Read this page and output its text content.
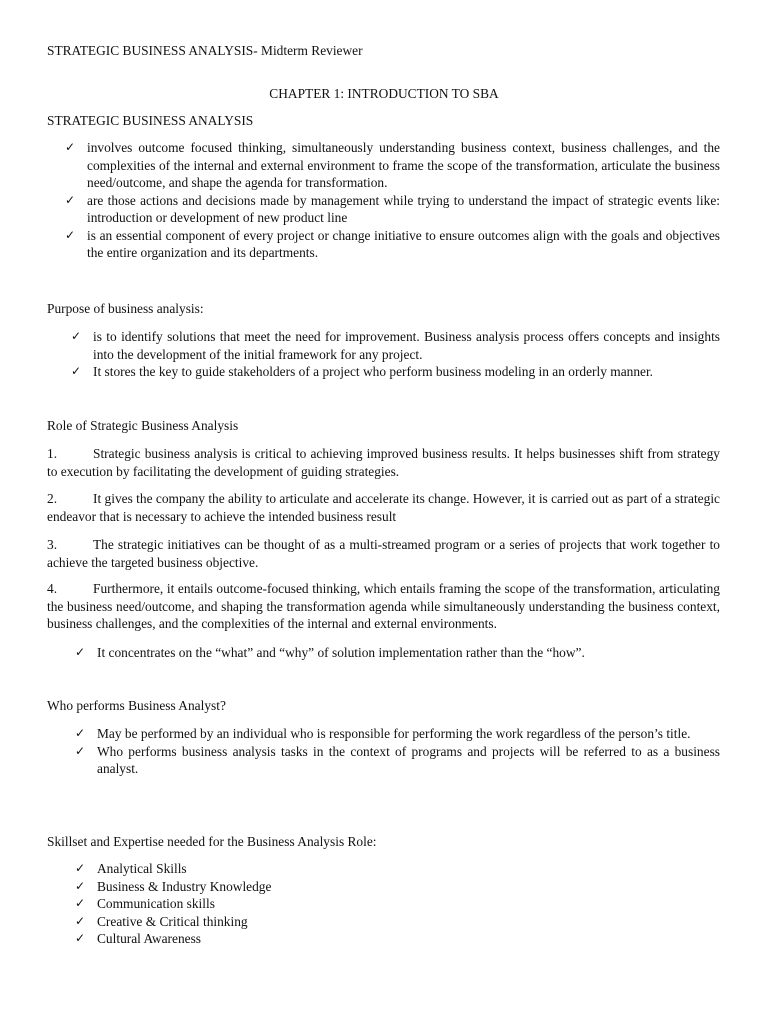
STRATEGIC BUSINESS ANALYSIS- Midterm Reviewer

CHAPTER 1: INTRODUCTION TO SBA

STRATEGIC BUSINESS ANALYSIS

✓ involves outcome focused thinking, simultaneously understanding business context, business challenges, and the complexities of the internal and external environment to frame the scope of the transformation, articulate the business need/outcome, and shape the agenda for transformation.
✓ are those actions and decisions made by management while trying to understand the impact of strategic events like: introduction or development of new product line
✓ is an essential component of every project or change initiative to ensure outcomes align with the goals and objectives the entire organization and its departments.

Purpose of business analysis:

✓ is to identify solutions that meet the need for improvement. Business analysis process offers concepts and insights into the development of the initial framework for any project.
✓ It stores the key to guide stakeholders of a project who perform business modeling in an orderly manner.

Role of Strategic Business Analysis

1.	Strategic business analysis is critical to achieving improved business results. It helps businesses shift from strategy to execution by facilitating the development of guiding strategies.

2.	It gives the company the ability to articulate and accelerate its change. However, it is carried out as part of a strategic endeavor that is necessary to achieve the intended business result

3.	The strategic initiatives can be thought of as a multi-streamed program or a series of projects that work together to achieve the targeted business objective.

4.	Furthermore, it entails outcome-focused thinking, which entails framing the scope of the transformation, articulating the business need/outcome, and shaping the transformation agenda while simultaneously understanding the business context, business challenges, and the complexities of the internal and external environments.

✓ It concentrates on the “what” and “why” of solution implementation rather than the “how”.

Who performs Business Analyst?

✓ May be performed by an individual who is responsible for performing the work regardless of the person’s title.
✓ Who performs business analysis tasks in the context of programs and projects will be referred to as a business analyst.

Skillset and Expertise needed for the Business Analysis Role:

✓ Analytical Skills
✓ Business & Industry Knowledge
✓ Communication skills
✓ Creative & Critical thinking
✓ Cultural Awareness
